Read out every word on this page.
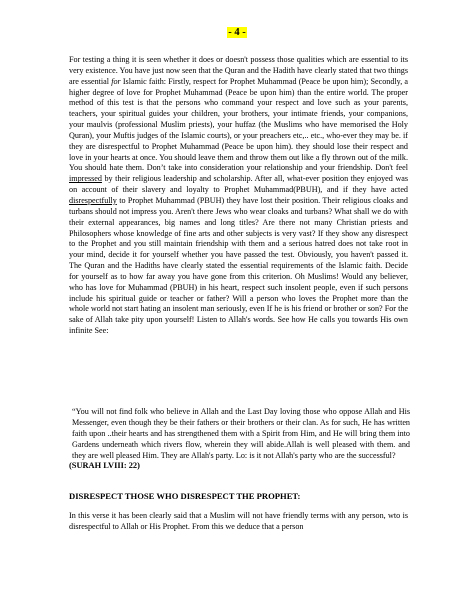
- 4 -

For testing a thing it is seen whether it does or doesn't possess those qualities which are essential to its very existence. You have just now seen that the Quran and the Hadith have clearly stated that two things are essential for Islamic faith: Firstly, respect for Prophet Muhammad (Peace be upon him); Secondly, a higher degree of love for Prophet Muhammad (Peace be upon him) than the entire world. The proper method of this test is that the persons who command your respect and love such as your parents, teachers, your spiritual guides your children, your brothers, your intimate friends, your companions, your maulvis (professional Muslim priests), your huffaz (the Muslims who have memorised the Holy Quran), your Muftis judges of the Islamic courts), or your preachers etc,.. etc., who-ever they may be. if they are disrespectful to Prophet Muhammad (Peace be upon him). they should lose their respect and love in your hearts at once. You should leave them and throw them out like a fly thrown out of the milk. You should hate them. Don’t take into consideration your relationship and your friendship. Don't feel impressed by their religious leadership and scholarship. After all, what-ever position they enjoyed was on account of their slavery and loyalty to Prophet Muhammad(PBUH), and if they have acted disrespectfully to Prophet Muhammad (PBUH) they have lost their position. Their religious cloaks and turbans should not impress you. Aren't there Jews who wear cloaks and turbans? What shall we do with their external appearances, big names and long titles? Are there not many Christian priests and Philosophers whose knowledge of fine arts and other subjects is very vast? If they show any disrespect to the Prophet and you still maintain friendship with them and a serious hatred does not take root in your mind, decide it for yourself whether you have passed the test. Obviously, you haven't passed it. The Quran and the Hadiths have clearly stated the essential requirements of the Islamic faith. Decide for yourself as to how far away you have gone from this criterion. Oh Muslims! Would any believer, who has love for Muhammad (PBUH) in his heart, respect such insolent people, even if such persons include his spiritual guide or teacher or father? Will a person who loves the Prophet more than the whole world not start hating an insolent man seriously, even If he is his friend or brother or son? For the sake of Allah take pity upon yourself! Listen to Allah's words. See how He calls you towards His own infinite See:

“You will not find folk who believe in Allah and the Last Day loving those who oppose Allah and His Messenger, even though they be their fathers or their brothers or their clan. As for such, He has written faith upon ..their hearts and has strengthened them with a Spirit from Him, and He will bring them into Gardens underneath which rivers flow, wherein they will abide.Allah is well pleased with them. and they are well pleased Him. They are Allah's party. Lo: is it not Allah's party who are the successful?

(SURAH LVIII: 22)

DISRESPECT THOSE WHO DISRESPECT THE PROPHET:

In this verse it has been clearly said that a Muslim will not have friendly terms with any person, wto is disrespectful to Allah or His Prophet. From this we deduce that a person
